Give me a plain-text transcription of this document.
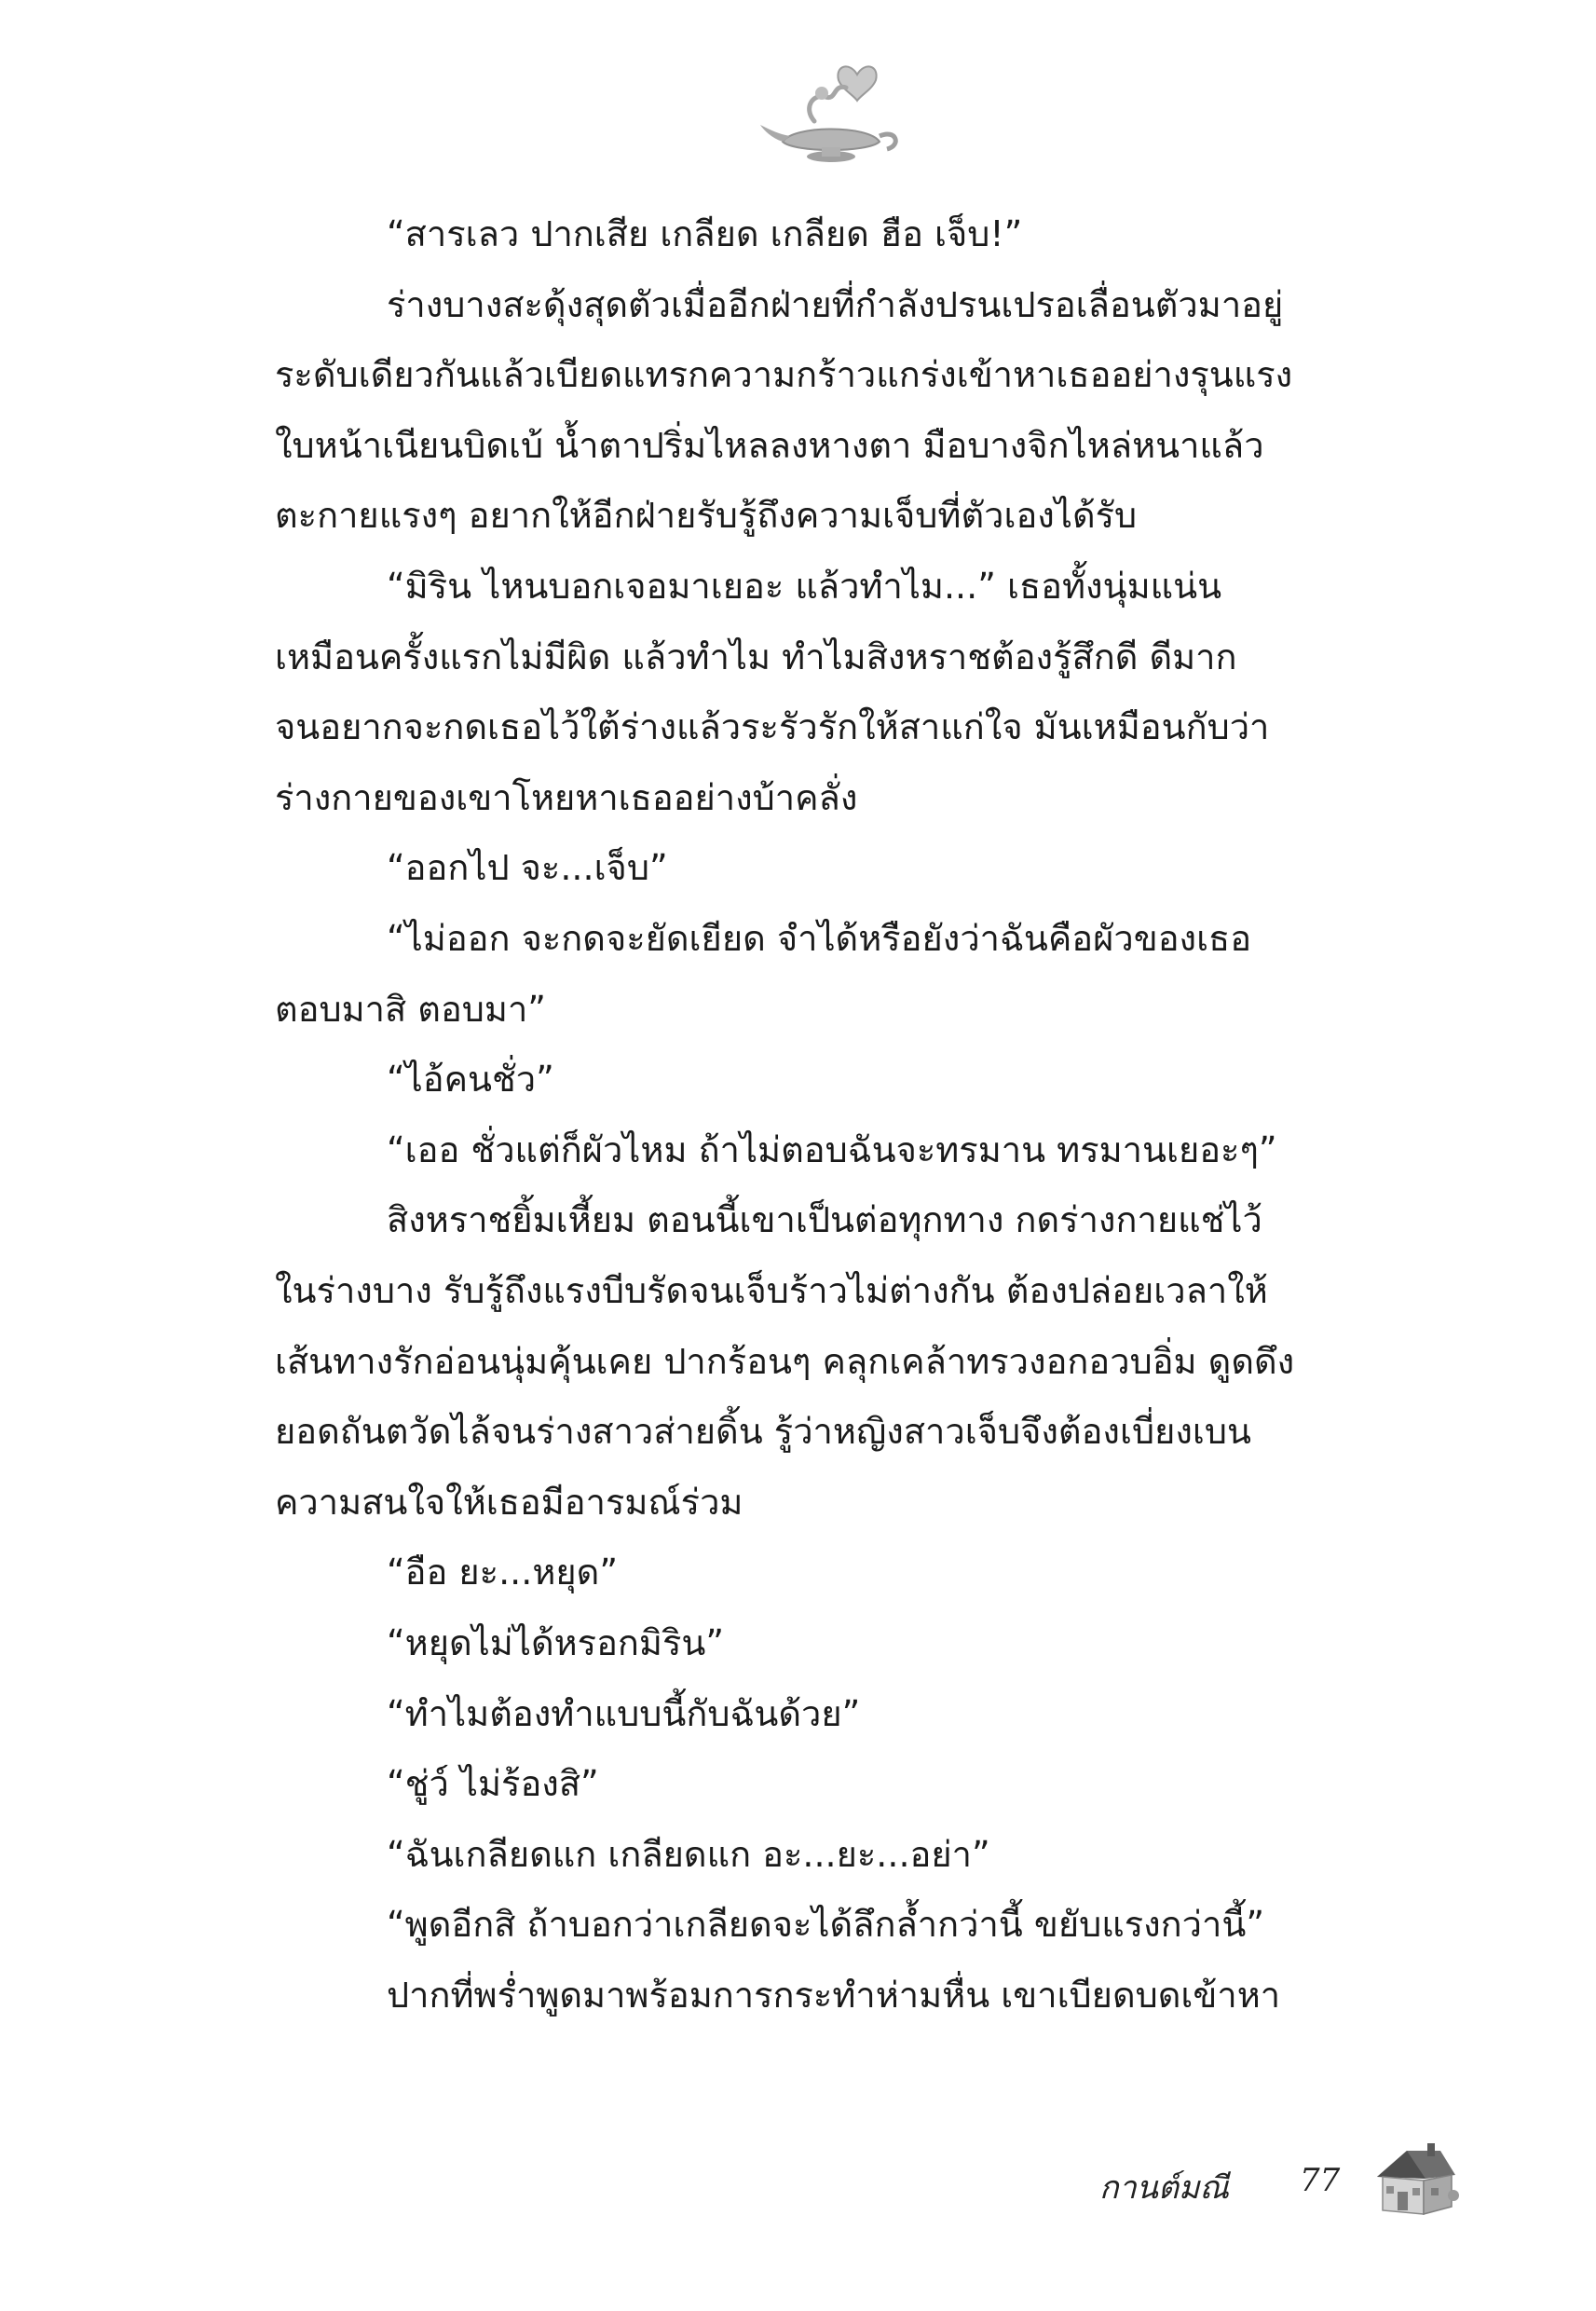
“สารเลว ปากเสีย เกลียด เกลียด ฮือ เจ็บ!”
ร่างบางสะดุ้งสุดตัวเมื่ออีกฝ่ายที่กำลังปรนเปรอเลื่อนตัวมาอยู่
ระดับเดียวกันแล้วเบียดแทรกความกร้าวแกร่งเข้าหาเธออย่างรุนแรง
ใบหน้าเนียนบิดเบ้ น้ำตาปริ่มไหลลงหางตา มือบางจิกไหล่หนาแล้ว
ตะกายแรงๆ อยากให้อีกฝ่ายรับรู้ถึงความเจ็บที่ตัวเองได้รับ
“มิริน ไหนบอกเจอมาเยอะ แล้วทำไม...” เธอทั้งนุ่มแน่น
เหมือนครั้งแรกไม่มีผิด แล้วทำไม ทำไมสิงหราชต้องรู้สึกดี ดีมาก
จนอยากจะกดเธอไว้ใต้ร่างแล้วระรัวรักให้สาแก่ใจ มันเหมือนกับว่า
ร่างกายของเขาโหยหาเธออย่างบ้าคลั่ง
“ออกไป จะ...เจ็บ”
“ไม่ออก จะกดจะยัดเยียด จำได้หรือยังว่าฉันคือผัวของเธอ
ตอบมาสิ ตอบมา”
“ไอ้คนชั่ว”
“เออ ชั่วแต่ก็ผัวไหม ถ้าไม่ตอบฉันจะทรมาน ทรมานเยอะๆ”
สิงหราชยิ้มเหี้ยม ตอนนี้เขาเป็นต่อทุกทาง กดร่างกายแช่ไว้
ในร่างบาง รับรู้ถึงแรงบีบรัดจนเจ็บร้าวไม่ต่างกัน ต้องปล่อยเวลาให้
เส้นทางรักอ่อนนุ่มคุ้นเคย ปากร้อนๆ คลุกเคล้าทรวงอกอวบอิ่ม ดูดดึง
ยอดถันตวัดไล้จนร่างสาวส่ายดิ้น รู้ว่าหญิงสาวเจ็บจึงต้องเบี่ยงเบน
ความสนใจให้เธอมีอารมณ์ร่วม
“อือ ยะ...หยุด”
“หยุดไม่ได้หรอกมิริน”
“ทำไมต้องทำแบบนี้กับฉันด้วย”
“ชู่ว์ ไม่ร้องสิ”
“ฉันเกลียดแก เกลียดแก อะ...ยะ...อย่า”
“พูดอีกสิ ถ้าบอกว่าเกลียดจะได้ลึกล้ำกว่านี้ ขยับแรงกว่านี้”
ปากที่พร่ำพูดมาพร้อมการกระทำห่ามหื่น เขาเบียดบดเข้าหา
กานต์มณี 77
